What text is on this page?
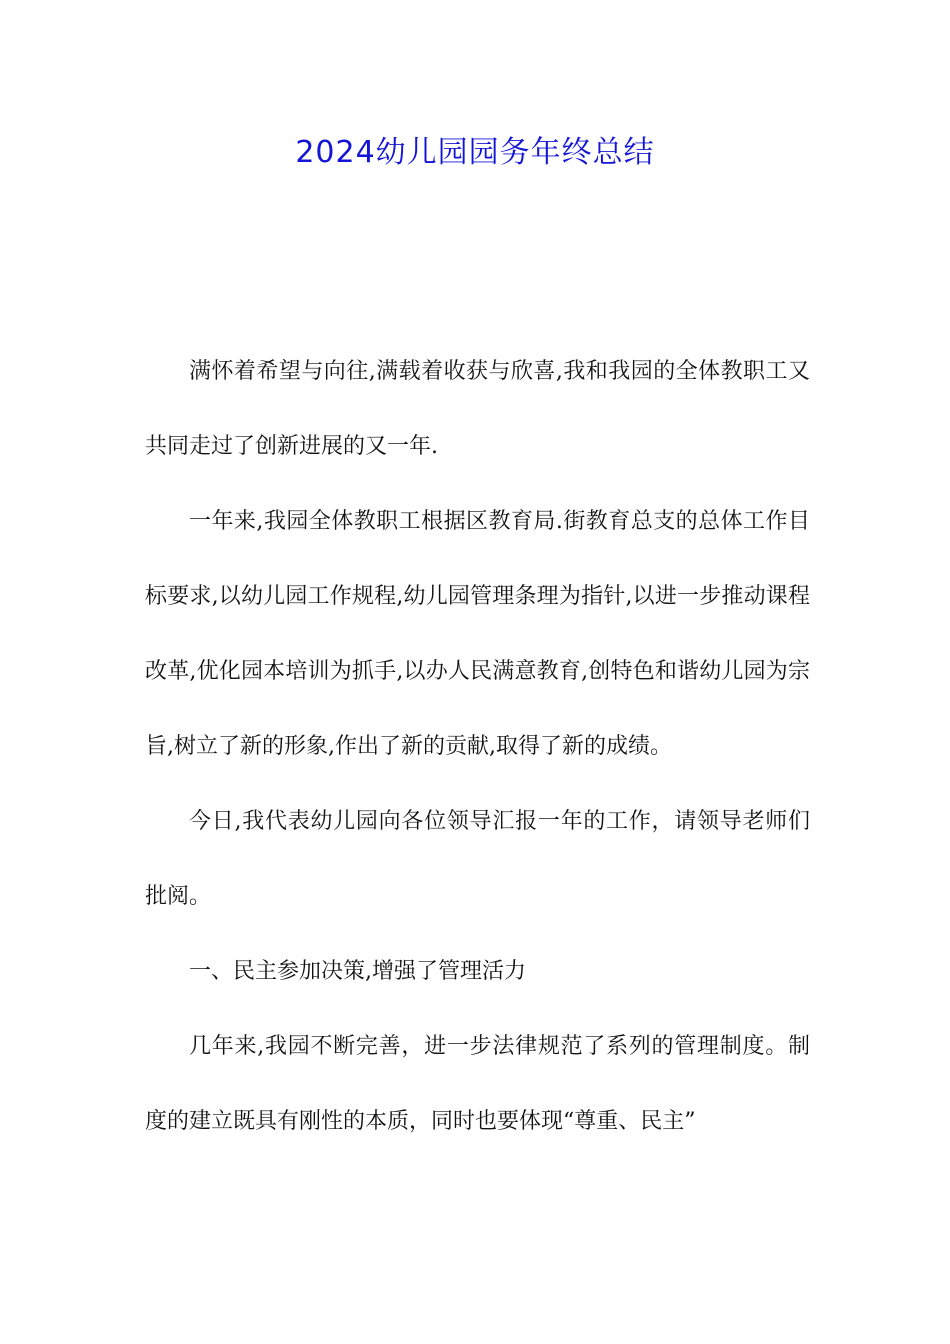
2024幼儿园园务年终总结

满怀着希望与向往,满载着收获与欣喜,我和我园的全体教职工又共同走过了创新进展的又一年.

一年来,我园全体教职工根据区教育局.街教育总支的总体工作目标要求,以幼儿园工作规程,幼儿园管理条理为指针,以进一步推动课程改革,优化园本培训为抓手,以办人民满意教育,创特色和谐幼儿园为宗旨,树立了新的形象,作出了新的贡献,取得了新的成绩。

今日,我代表幼儿园向各位领导汇报一年的工作，请领导老师们批阅。

一、民主参加决策,增强了管理活力

几年来,我园不断完善，进一步法律规范了系列的管理制度。制度的建立既具有刚性的本质，同时也要体现“尊重、民主”
